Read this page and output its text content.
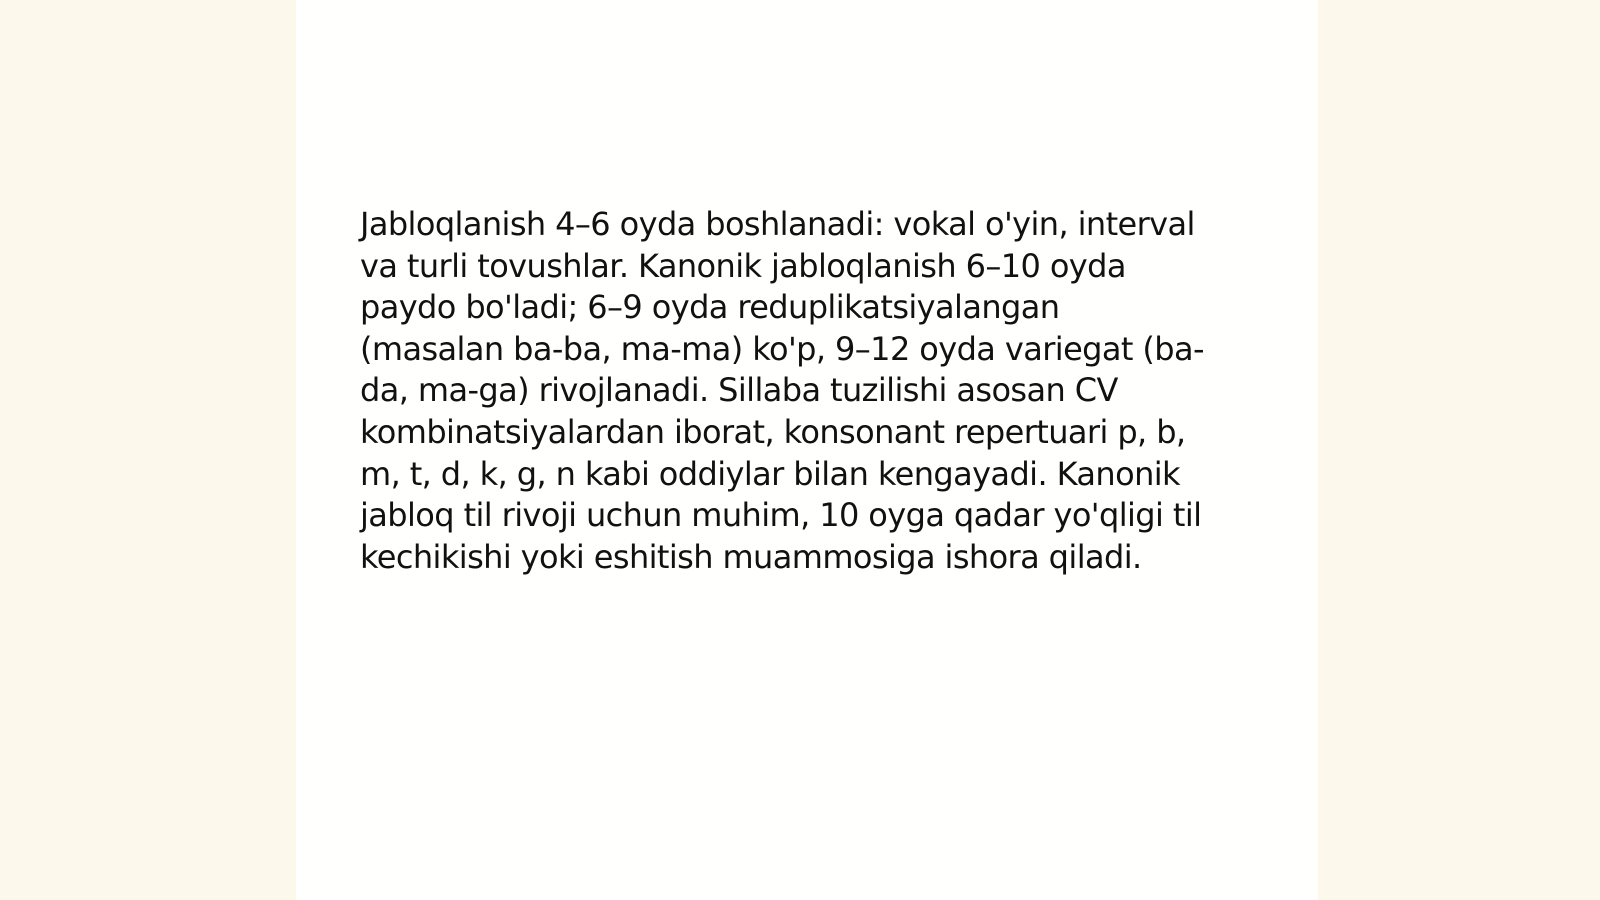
Jabloqlanish 4–6 oyda boshlanadi: vokal o'yin, interval
va turli tovushlar. Kanonik jabloqlanish 6–10 oyda
paydo bo'ladi; 6–9 oyda reduplikatsiyalangan
(masalan ba-ba, ma-ma) ko'p, 9–12 oyda variegat (ba-
da, ma-ga) rivojlanadi. Sillaba tuzilishi asosan CV
kombinatsiyalardan iborat, konsonant repertuari p, b,
m, t, d, k, g, n kabi oddiylar bilan kengayadi. Kanonik
jabloq til rivoji uchun muhim, 10 oyga qadar yo'qligi til
kechikishi yoki eshitish muammosiga ishora qiladi.
